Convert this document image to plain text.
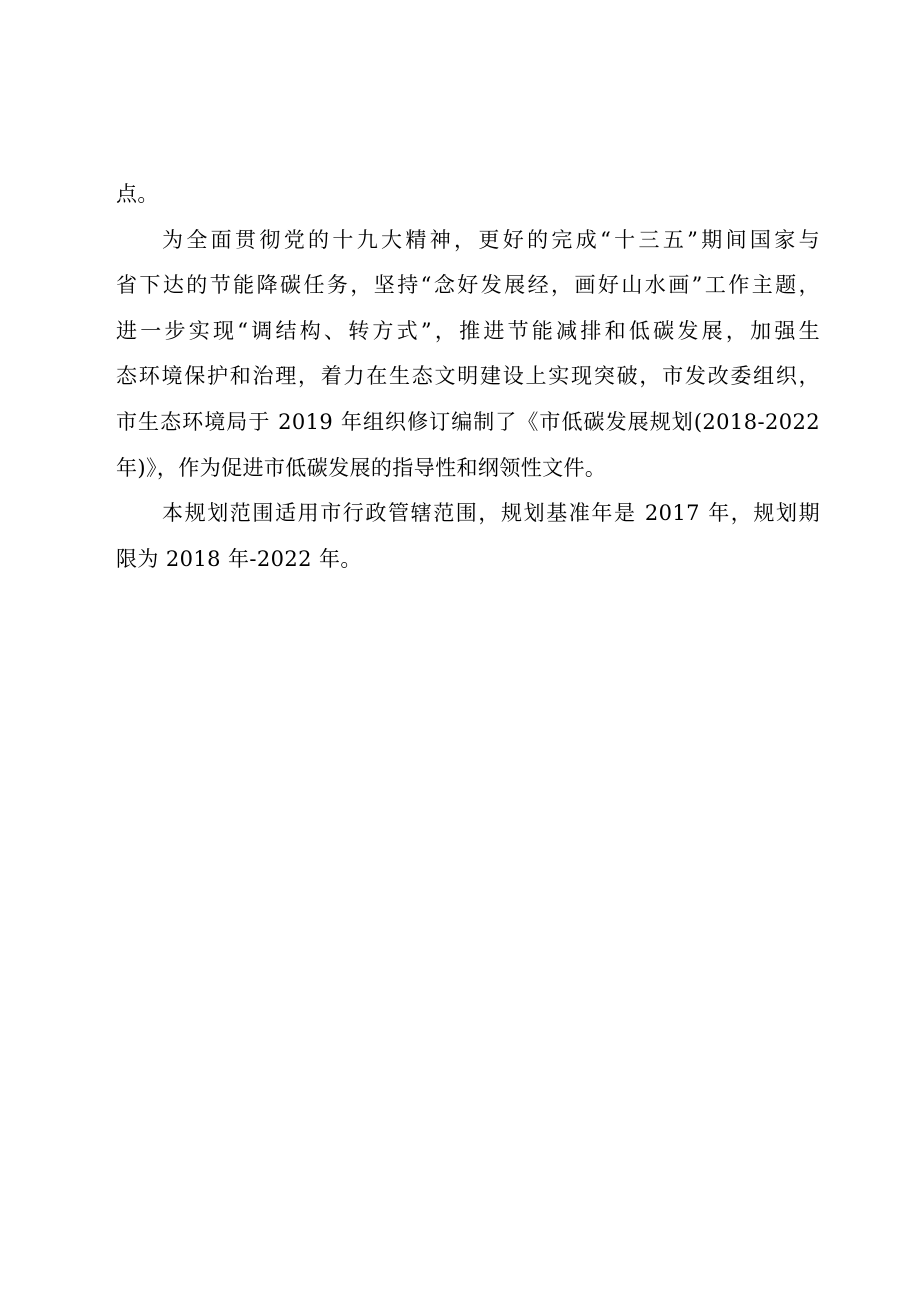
点。
为全面贯彻党的十九大精神，更好的完成“十三五”期间国家与
省下达的节能降碳任务，坚持“念好发展经，画好山水画”工作主题，
进一步实现“调结构、转方式”，推进节能减排和低碳发展，加强生
态环境保护和治理，着力在生态文明建设上实现突破，市发改委组织，
市生态环境局于 2019 年组织修订编制了《市低碳发展规划(2018-2022
年)》，作为促进市低碳发展的指导性和纲领性文件。
本规划范围适用市行政管辖范围，规划基准年是 2017 年，规划期
限为 2018 年-2022 年。
